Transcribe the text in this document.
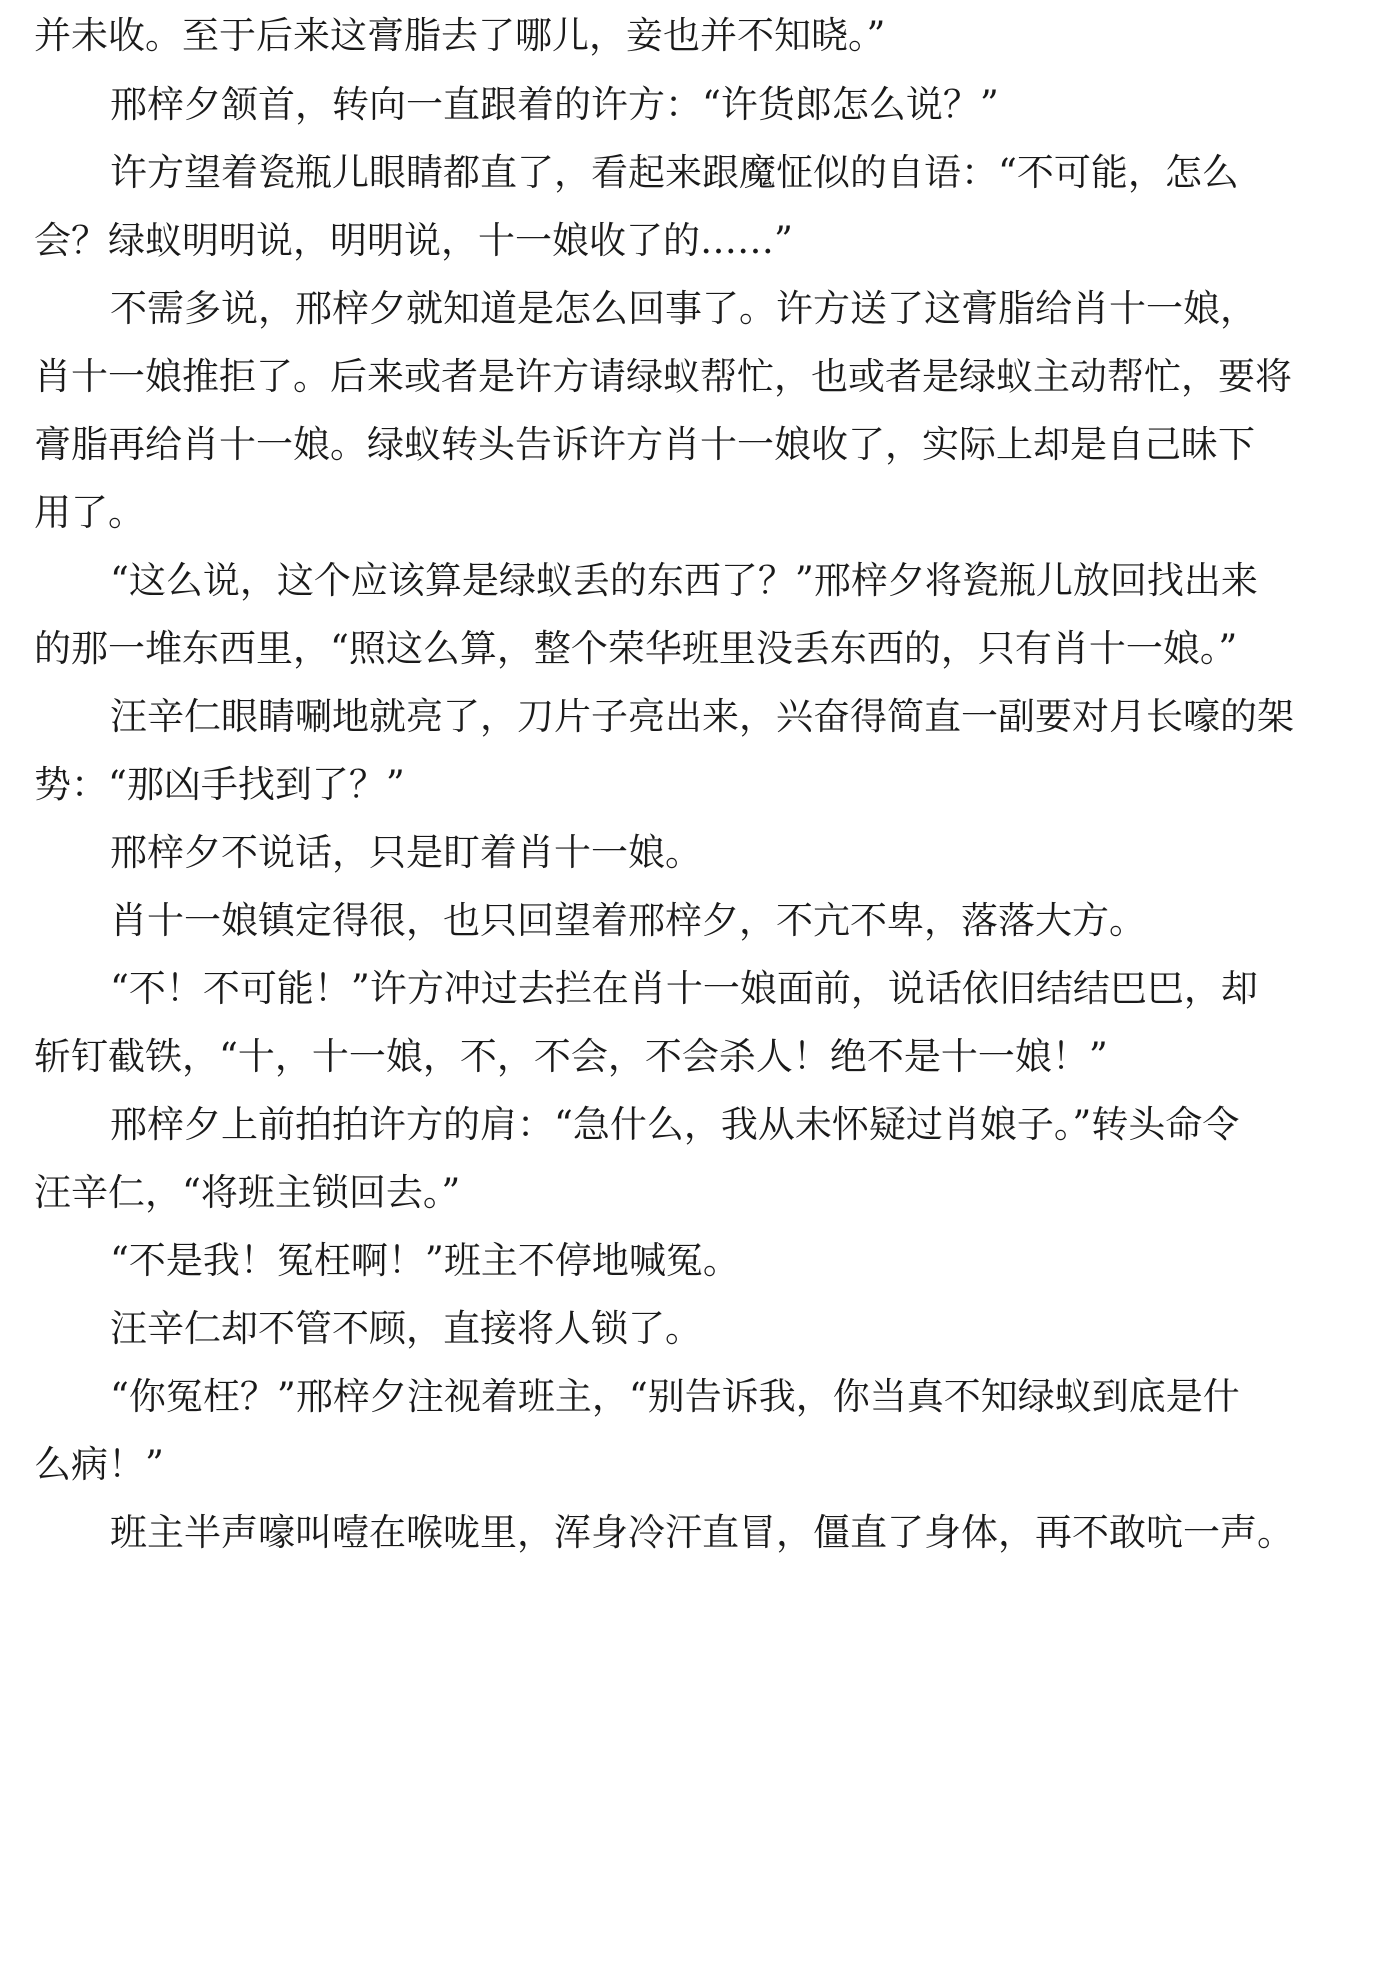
并未收。至于后来这膏脂去了哪儿，妾也并不知晓。”
邢梓夕颔首，转向一直跟着的许方：“许货郎怎么说？”
许方望着瓷瓶儿眼睛都直了，看起来跟魔怔似的自语：“不可能，怎么
会？绿蚁明明说，明明说，十一娘收了的……”
不需多说，邢梓夕就知道是怎么回事了。许方送了这膏脂给肖十一娘，
肖十一娘推拒了。后来或者是许方请绿蚁帮忙，也或者是绿蚁主动帮忙，要将
膏脂再给肖十一娘。绿蚁转头告诉许方肖十一娘收了，实际上却是自己昧下
用了。
“这么说，这个应该算是绿蚁丢的东西了？”邢梓夕将瓷瓶儿放回找出来
的那一堆东西里，“照这么算，整个荣华班里没丢东西的，只有肖十一娘。”
汪辛仁眼睛唰地就亮了，刀片子亮出来，兴奋得简直一副要对月长嚎的架
势：“那凶手找到了？”
邢梓夕不说话，只是盯着肖十一娘。
肖十一娘镇定得很，也只回望着邢梓夕，不亢不卑，落落大方。
“不！不可能！”许方冲过去拦在肖十一娘面前，说话依旧结结巴巴，却
斩钉截铁，“十，十一娘，不，不会，不会杀人！绝不是十一娘！”
邢梓夕上前拍拍许方的肩：“急什么，我从未怀疑过肖娘子。”转头命令
汪辛仁，“将班主锁回去。”
“不是我！冤枉啊！”班主不停地喊冤。
汪辛仁却不管不顾，直接将人锁了。
“你冤枉？”邢梓夕注视着班主，“别告诉我，你当真不知绿蚁到底是什
么病！”
班主半声嚎叫噎在喉咙里，浑身冷汗直冒，僵直了身体，再不敢吭一声。
